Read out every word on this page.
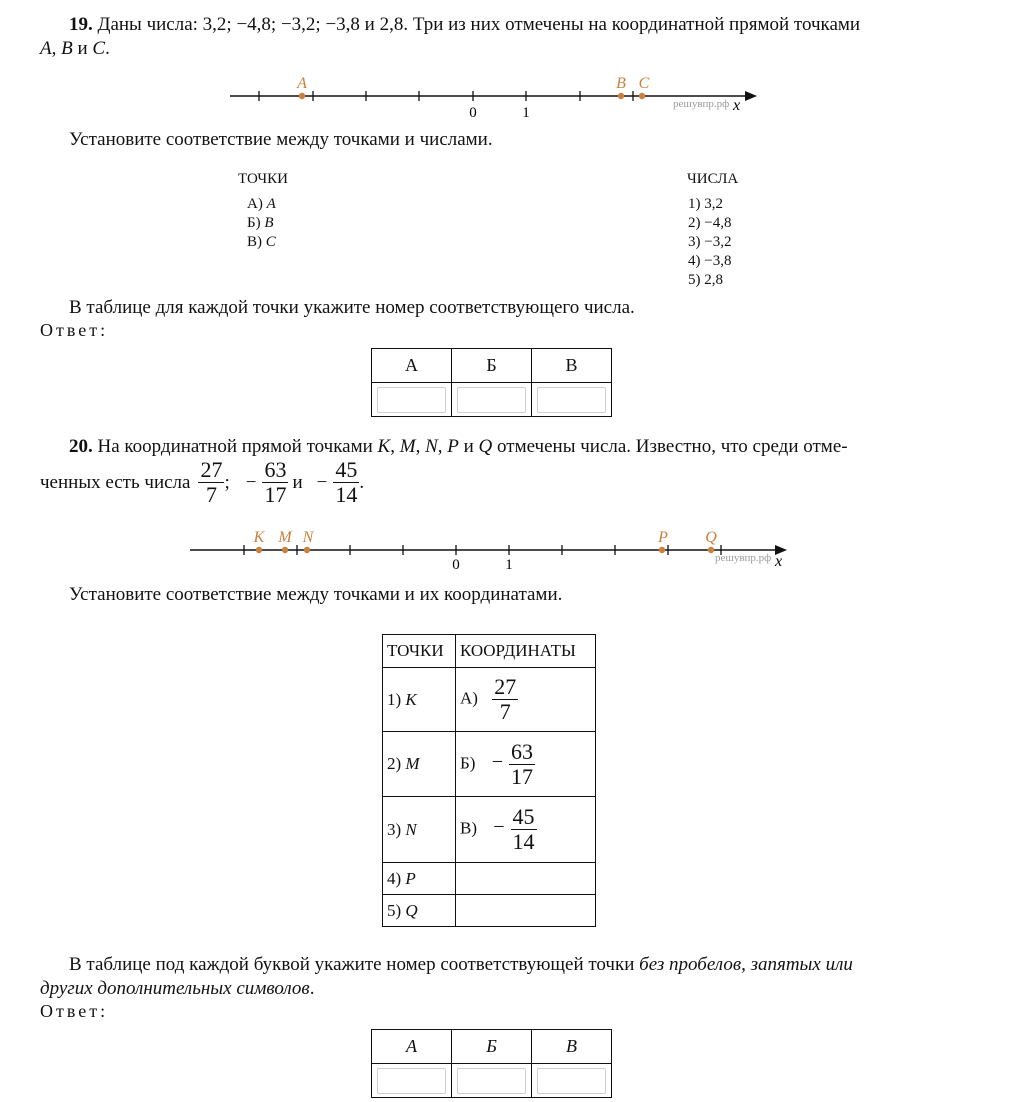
19. Даны числа: 3,2; −4,8; −3,2; −3,8 и 2,8. Три из них отмечены на координатной прямой точками
A, B и C.
0	1	x
решувпр.рф
A	B C
Установите соответствие между точками и числами.
ТОЧКИ	ЧИСЛА
А) A
Б) B
В) C
1) 3,2
2) −4,8
3) −3,2
4) −3,8
5) 2,8
В таблице для каждой точки укажите номер соответствующего числа.
Ответ:
А	Б	В

20. На координатной прямой точками K, M, N, P и Q отмечены числа. Известно, что среди отме-
ченных есть числа $\frac{27}{7}$ ; − $\frac{63}{17}$ $и - \frac{45}{14}$ .
0	1	x
решувпр.рф
K M N	P Q
Установите соответствие между точками и их координатами.
ТОЧКИ	КООРДИНАТЫ
1) K	$А) \frac{27}{7}$

2) M	$Б) - \frac{63}{17}$

3) N	$В) - \frac{45}{14}$

4) P	
5) Q	
В таблице под каждой буквой укажите номер соответствующей точки без пробелов, запятых или
других дополнительных символов.
Ответ:
А	Б	В
